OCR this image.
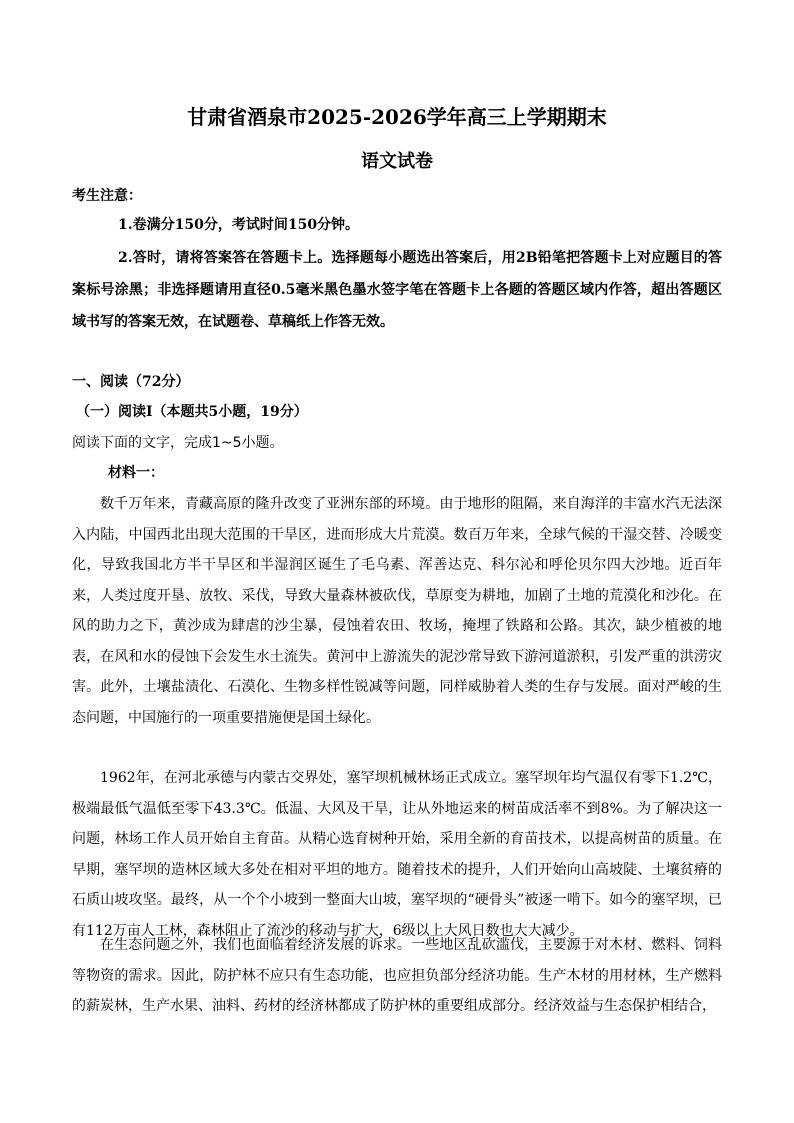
甘肃省酒泉市2025-2026学年高三上学期期末
语文试卷
考生注意：
1.卷满分150分，考试时间150分钟。

2.答时，请将答案答在答题卡上。选择题每小题选出答案后，用2B铅笔把答题卡上对应题目的答案标号涂黑；非选择题请用直径0.5毫米黑色墨水签字笔在答题卡上各题的答题区域内作答，超出答题区域书写的答案无效，在试题卷、草稿纸上作答无效。

一、阅读（72分）
（一）阅读Ⅰ（本题共5小题，19分）
阅读下面的文字，完成1~5小题。
材料一：

数千万年来，青藏高原的隆升改变了亚洲东部的环境。由于地形的阻隔，来自海洋的丰富水汽无法深入内陆，中国西北出现大范围的干旱区，进而形成大片荒漠。数百万年来，全球气候的干湿交替、冷暖变化，导致我国北方半干旱区和半湿润区诞生了毛乌素、浑善达克、科尔沁和呼伦贝尔四大沙地。近百年来，人类过度开垦、放牧、采伐，导致大量森林被砍伐，草原变为耕地，加剧了土地的荒漠化和沙化。在风的助力之下，黄沙成为肆虐的沙尘暴，侵蚀着农田、牧场，掩埋了铁路和公路。其次，缺少植被的地表，在风和水的侵蚀下会发生水土流失。黄河中上游流失的泥沙常导致下游河道淤积，引发严重的洪涝灾害。此外，土壤盐渍化、石漠化、生物多样性锐减等问题，同样威胁着人类的生存与发展。面对严峻的生态问题，中国施行的一项重要措施便是国土绿化。

1962年，在河北承德与内蒙古交界处，塞罕坝机械林场正式成立。塞罕坝年均气温仅有零下1.2℃，极端最低气温低至零下43.3℃。低温、大风及干旱，让从外地运来的树苗成活率不到8%。为了解决这一问题，林场工作人员开始自主育苗。从精心选育树种开始，采用全新的育苗技术，以提高树苗的质量。在早期，塞罕坝的造林区域大多处在相对平坦的地方。随着技术的提升，人们开始向山高坡陡、土壤贫瘠的石质山坡攻坚。最终，从一个个小坡到一整面大山坡，塞罕坝的“硬骨头”被逐一啃下。如今的塞罕坝，已有112万亩人工林，森林阻止了流沙的移动与扩大，6级以上大风日数也大大减少。

在生态问题之外，我们也面临着经济发展的诉求。一些地区乱砍滥伐，主要源于对木材、燃料、饲料等物资的需求。因此，防护林不应只有生态功能，也应担负部分经济功能。生产木材的用材林，生产燃料的薪炭林，生产水果、油料、药材的经济林都成了防护林的重要组成部分。经济效益与生态保护相结合，
